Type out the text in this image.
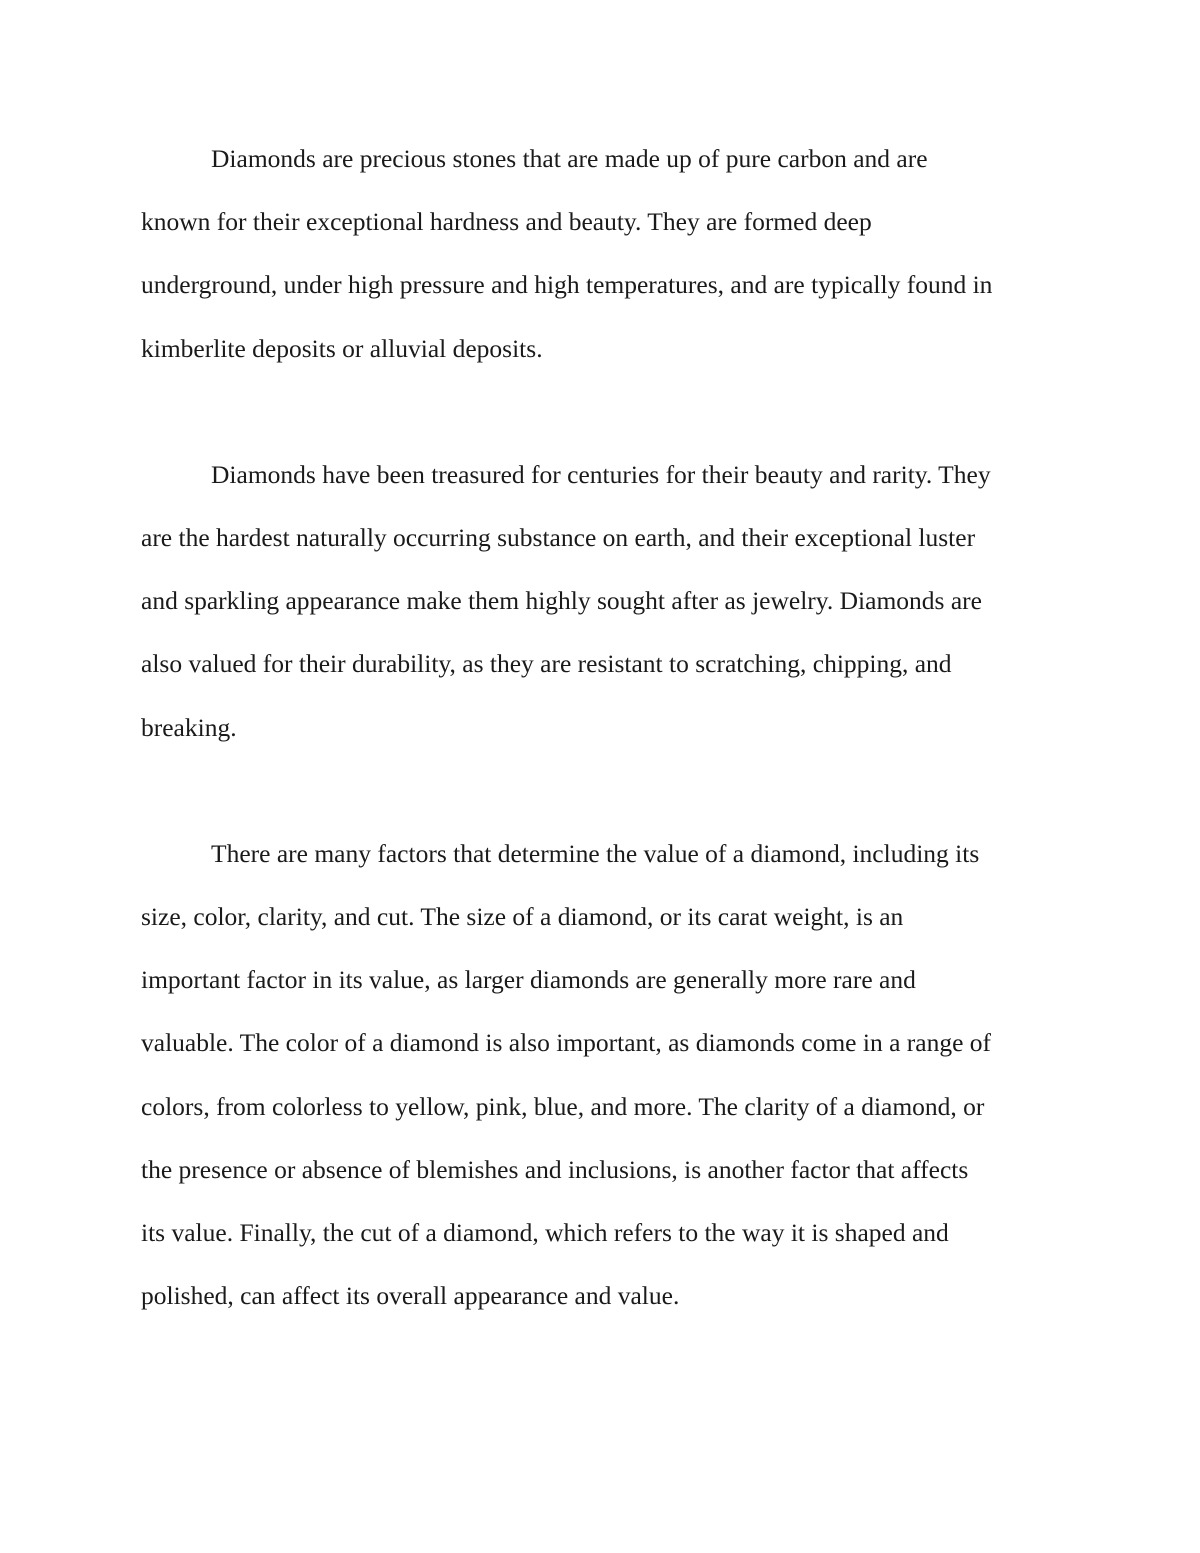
Diamonds are precious stones that are made up of pure carbon and are
known for their exceptional hardness and beauty. They are formed deep
underground, under high pressure and high temperatures, and are typically found in
kimberlite deposits or alluvial deposits.

Diamonds have been treasured for centuries for their beauty and rarity. They
are the hardest naturally occurring substance on earth, and their exceptional luster
and sparkling appearance make them highly sought after as jewelry. Diamonds are
also valued for their durability, as they are resistant to scratching, chipping, and
breaking.

There are many factors that determine the value of a diamond, including its
size, color, clarity, and cut. The size of a diamond, or its carat weight, is an
important factor in its value, as larger diamonds are generally more rare and
valuable. The color of a diamond is also important, as diamonds come in a range of
colors, from colorless to yellow, pink, blue, and more. The clarity of a diamond, or
the presence or absence of blemishes and inclusions, is another factor that affects
its value. Finally, the cut of a diamond, which refers to the way it is shaped and
polished, can affect its overall appearance and value.
